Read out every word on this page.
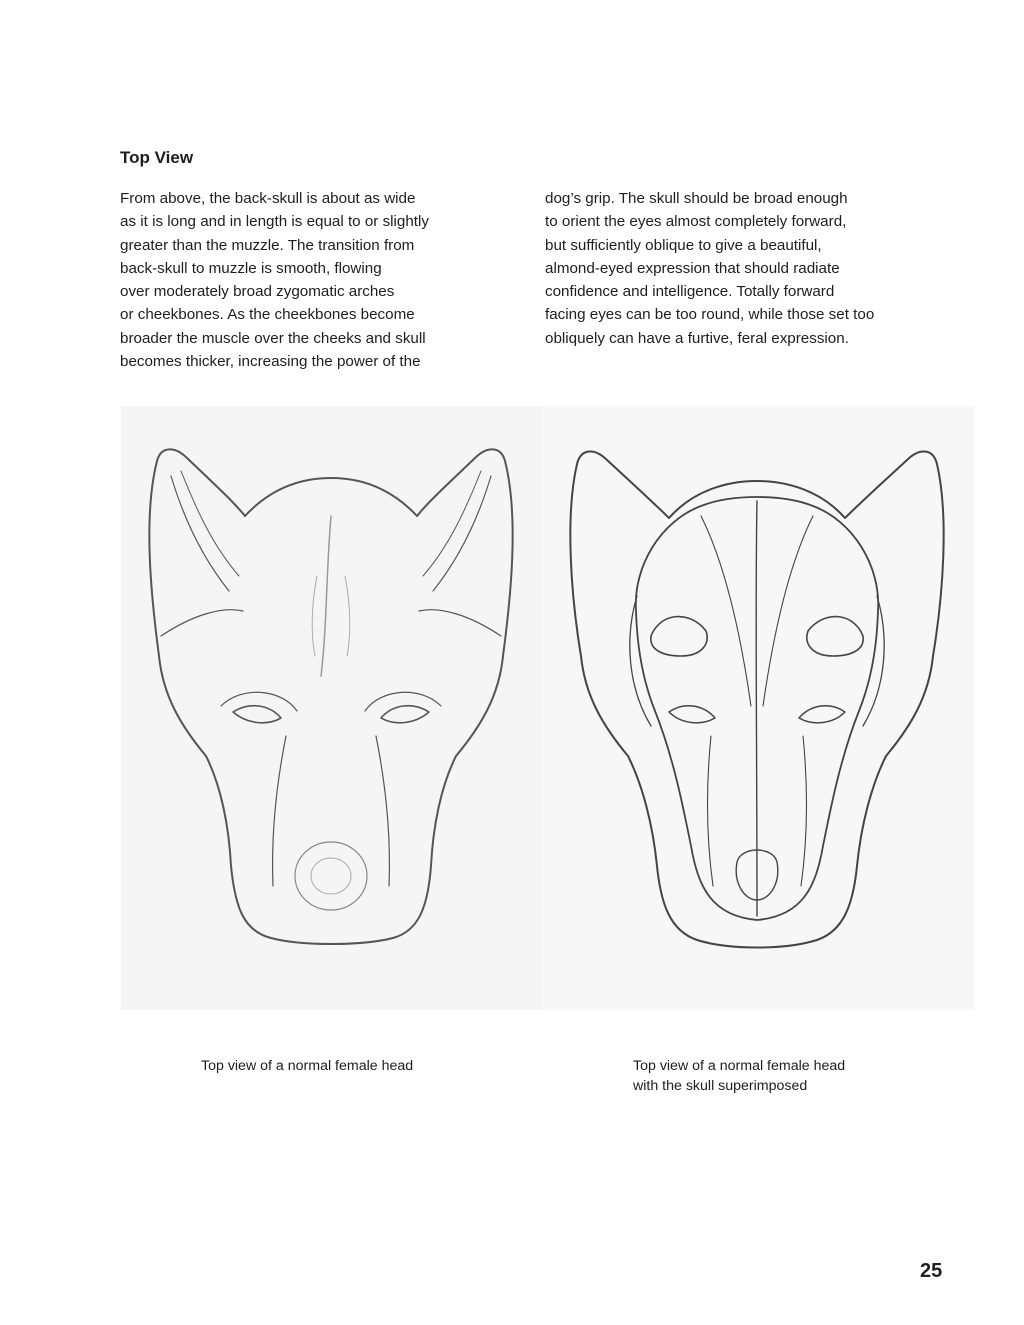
Top View
From above, the back-skull is about as wide
as it is long and in length is equal to or slightly
greater than the muzzle. The transition from
back-skull to muzzle is smooth, flowing
over moderately broad zygomatic arches
or cheekbones. As the cheekbones become
broader the muscle over the cheeks and skull
becomes thicker, increasing the power of the
dog’s grip. The skull should be broad enough
to orient the eyes almost completely forward,
but sufficiently oblique to give a beautiful,
almond-eyed expression that should radiate
confidence and intelligence. Totally forward
facing eyes can be too round, while those set too
obliquely can have a furtive, feral expression.
Top view of a normal female head	Top view of a normal female head
with the skull superimposed
25
